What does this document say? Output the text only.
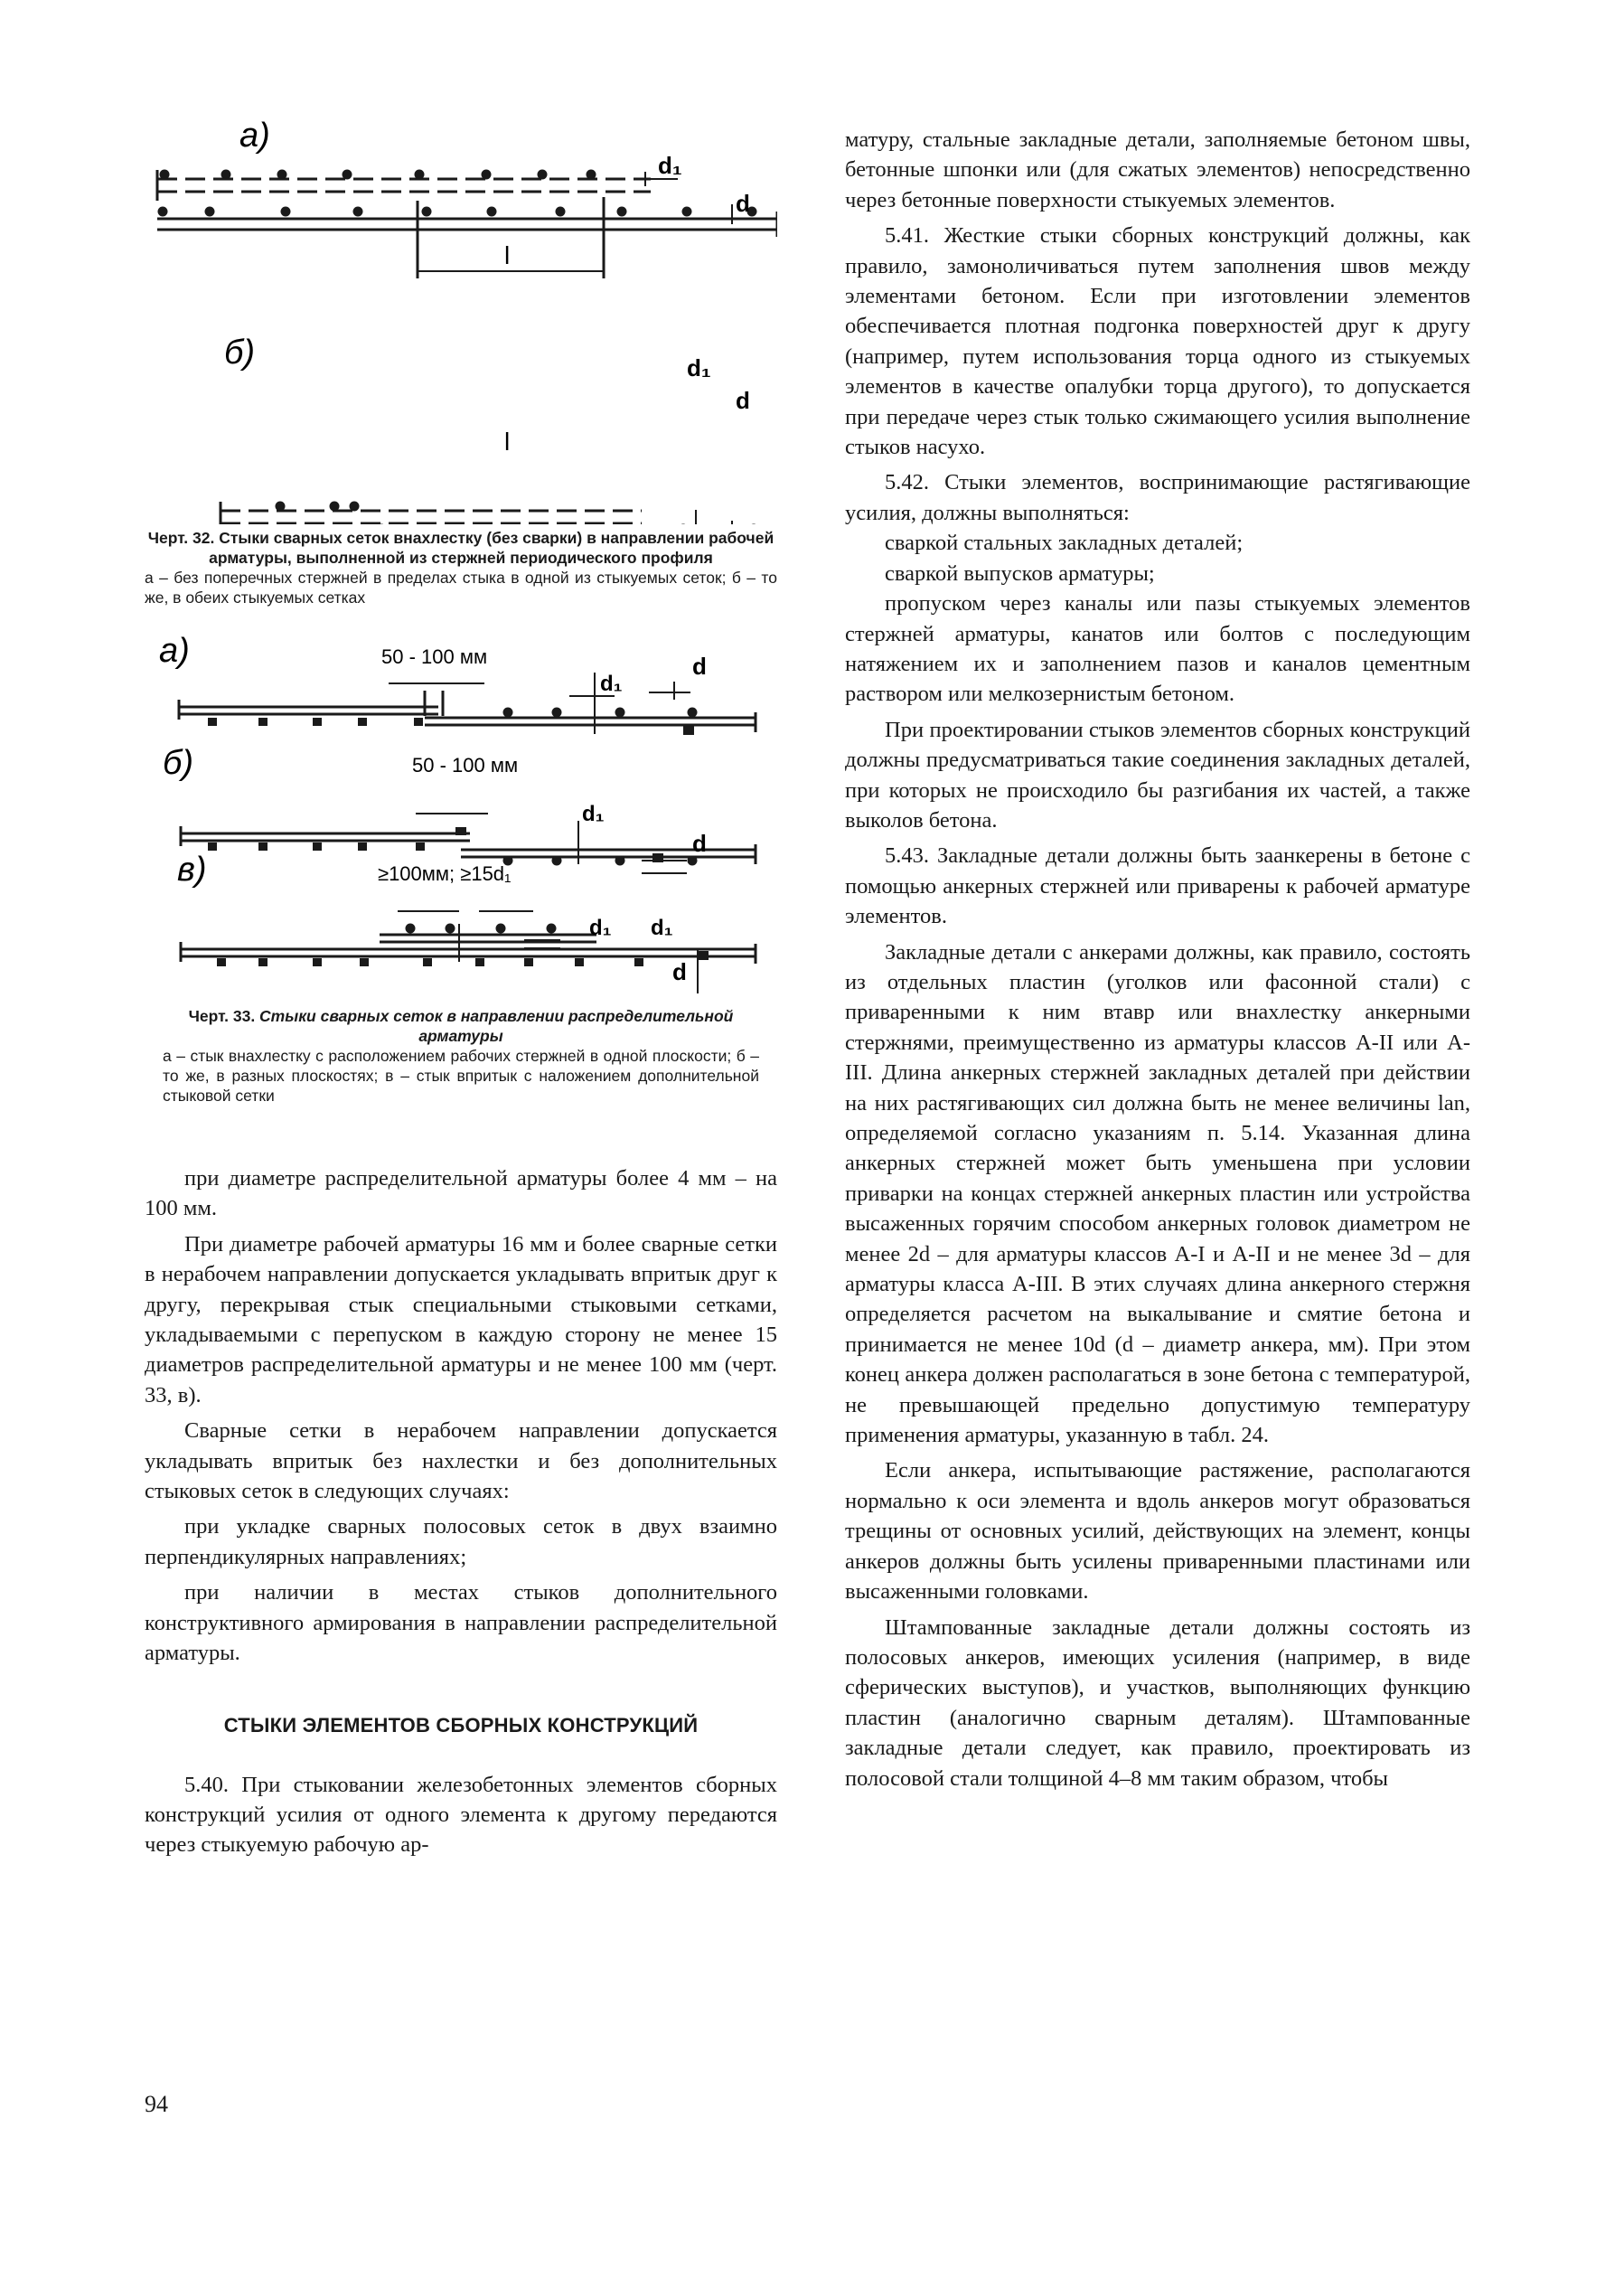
а)
d₁
d
l
б)	d₁
d
l
Черт. 32. Стыки сварных сеток внахлестку (без сварки) в направлении рабочей арматуры, выполненной из стержней периодического профиля
а – без поперечных стержней в пределах стыка в одной из стыкуемых сеток; б – то же, в обеих стыкуемых сетках
а)	50 - 100 мм
d₁
d
б)	50 - 100 мм
d₁
d
в)	≥100мм; ≥15d₁
d₁ d₁
d
Черт. 33. Стыки сварных сеток в направлении распределительной арматуры
а – стык внахлестку с расположением рабочих стержней в одной плоскости; б – то же, в разных плоскостях; в – стык впритык с наложением дополнительной стыковой сетки

при диаметре распределительной арматуры более 4 мм – на 100 мм.

При диаметре рабочей арматуры 16 мм и более сварные сетки в нерабочем направлении допускается укладывать впритык друг к другу, перекрывая стык специальными стыковыми сетками, укладываемыми с перепуском в каждую сторону не менее 15 диаметров распределительной арматуры и не менее 100 мм (черт. 33, в).

Сварные сетки в нерабочем направлении допускается укладывать впритык без нахлестки и без дополнительных стыковых сеток в следующих случаях:

при укладке сварных полосовых сеток в двух взаимно перпендикулярных направлениях;

при наличии в местах стыков дополнительного конструктивного армирования в направлении распределительной арматуры.

СТЫКИ ЭЛЕМЕНТОВ СБОРНЫХ КОНСТРУКЦИЙ

5.40. При стыковании железобетонных элементов сборных конструкций усилия от одного элемента к другому передаются через стыкуемую рабочую ар-

матуру, стальные закладные детали, заполняемые бетоном швы, бетонные шпонки или (для сжатых элементов) непосредственно через бетонные поверхности стыкуемых элементов.

5.41. Жесткие стыки сборных конструкций должны, как правило, замоноличиваться путем заполнения швов между элементами бетоном. Если при изготовлении элементов обеспечивается плотная подгонка поверхностей друг к другу (например, путем использования торца одного из стыкуемых элементов в качестве опалубки торца другого), то допускается при передаче через стык только сжимающего усилия выполнение стыков насухо.

5.42. Стыки элементов, воспринимающие растягивающие усилия, должны выполняться:

сваркой стальных закладных деталей;

сваркой выпусков арматуры;

пропуском через каналы или пазы стыкуемых элементов стержней арматуры, канатов или болтов с последующим натяжением их и заполнением пазов и каналов цементным раствором или мелкозернистым бетоном.

При проектировании стыков элементов сборных конструкций должны предусматриваться такие соединения закладных деталей, при которых не происходило бы разгибания их частей, а также выколов бетона.

5.43. Закладные детали должны быть заанкерены в бетоне с помощью анкерных стержней или приварены к рабочей арматуре элементов.

Закладные детали с анкерами должны, как правило, состоять из отдельных пластин (уголков или фасонной стали) с приваренными к ним втавр или внахлестку анкерными стержнями, преимущественно из арматуры классов А-II или А-III. Длина анкерных стержней закладных деталей при действии на них растягивающих сил должна быть не менее величины lan, определяемой согласно указаниям п. 5.14. Указанная длина анкерных стержней может быть уменьшена при условии приварки на концах стержней анкерных пластин или устройства высаженных горячим способом анкерных головок диаметром не менее 2d – для арматуры классов А-I и А-II и не менее 3d – для арматуры класса А-III. В этих случаях длина анкерного стержня определяется расчетом на выкалывание и смятие бетона и принимается не менее 10d (d – диаметр анкера, мм). При этом конец анкера должен располагаться в зоне бетона с температурой, не превышающей предельно допустимую температуру применения арматуры, указанную в табл. 24.

Если анкера, испытывающие растяжение, располагаются нормально к оси элемента и вдоль анкеров могут образоваться трещины от основных усилий, действующих на элемент, концы анкеров должны быть усилены приваренными пластинами или высаженными головками.

Штампованные закладные детали должны состоять из полосовых анкеров, имеющих усиления (например, в виде сферических выступов), и участков, выполняющих функцию пластин (аналогично сварным деталям). Штампованные закладные детали следует, как правило, проектировать из полосовой стали толщиной 4–8 мм таким образом, чтобы

94
